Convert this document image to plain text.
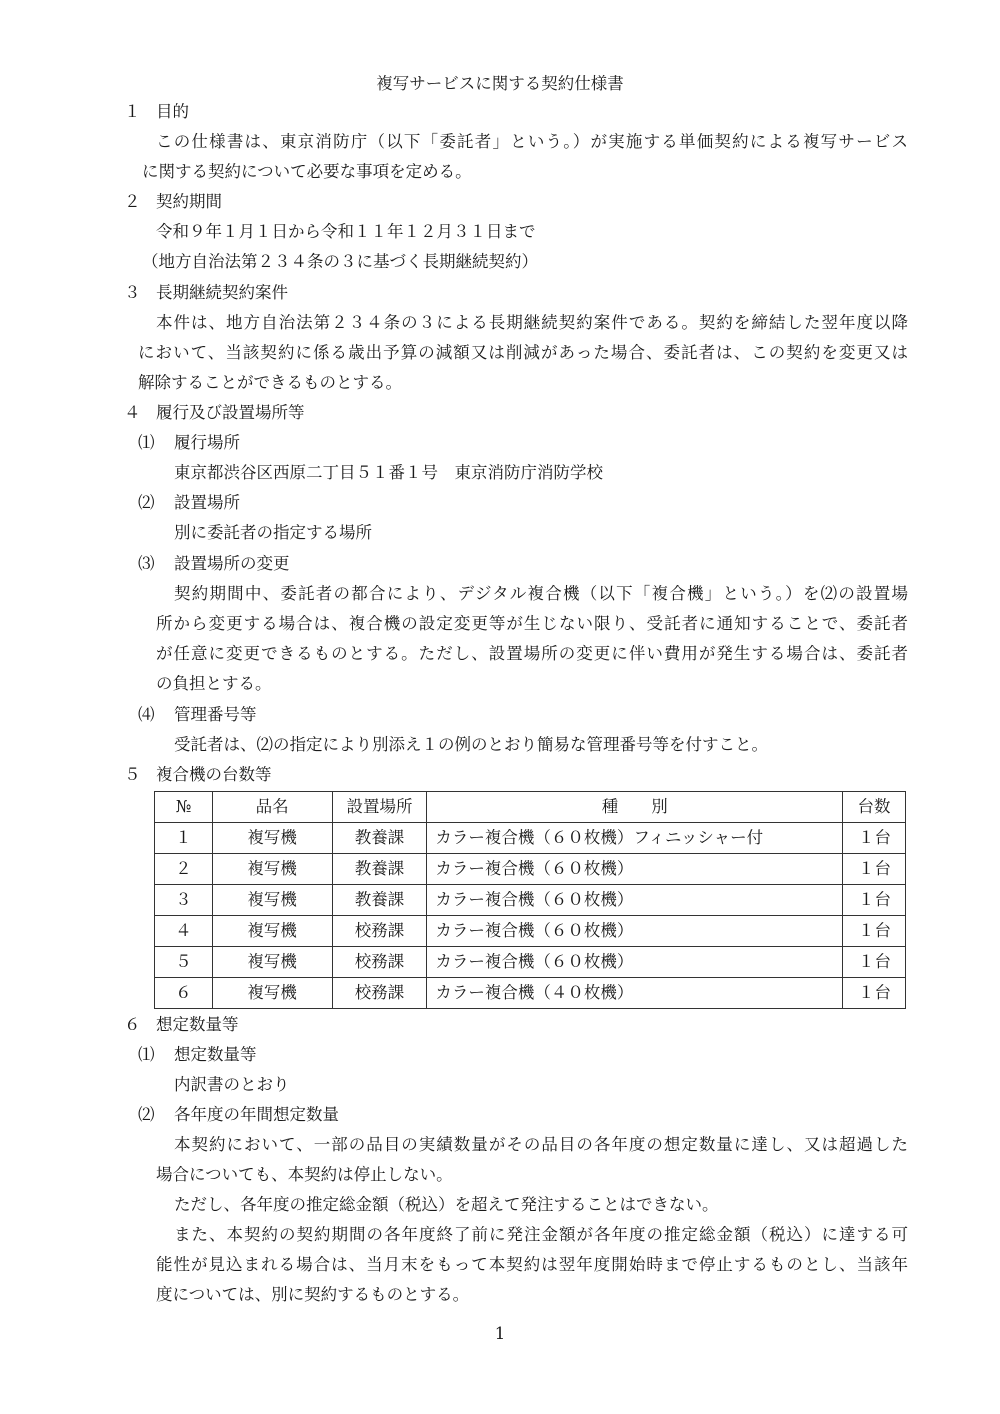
複写サービスに関する契約仕様書
１ 目的
この仕様書は、東京消防庁（以下「委託者」という。）が実施する単価契約による複写サービス
に関する契約について必要な事項を定める。
２ 契約期間
令和９年１月１日から令和１１年１２月３１日まで
（地方自治法第２３４条の３に基づく長期継続契約）
３ 長期継続契約案件
本件は、地方自治法第２３４条の３による長期継続契約案件である。契約を締結した翌年度以降
において、当該契約に係る歳出予算の減額又は削減があった場合、委託者は、この契約を変更又は
解除することができるものとする。
４ 履行及び設置場所等
⑴ 履行場所
東京都渋谷区西原二丁目５１番１号　東京消防庁消防学校
⑵ 設置場所
別に委託者の指定する場所
⑶ 設置場所の変更
契約期間中、委託者の都合により、デジタル複合機（以下「複合機」という。）を⑵の設置場
所から変更する場合は、複合機の設定変更等が生じない限り、受託者に通知することで、委託者
が任意に変更できるものとする。ただし、設置場所の変更に伴い費用が発生する場合は、委託者
の負担とする。
⑷ 管理番号等
受託者は、⑵の指定により別添え１の例のとおり簡易な管理番号等を付すこと。
５ 複合機の台数等
№	品名	設置場所	種　　別	台数
１	複写機	教養課	カラー複合機（６０枚機）フィニッシャー付	１台
２	複写機	教養課	カラー複合機（６０枚機）	１台
３	複写機	教養課	カラー複合機（６０枚機）	１台
４	複写機	校務課	カラー複合機（６０枚機）	１台
５	複写機	校務課	カラー複合機（６０枚機）	１台
６	複写機	校務課	カラー複合機（４０枚機）	１台
６ 想定数量等
⑴ 想定数量等
内訳書のとおり
⑵ 各年度の年間想定数量
本契約において、一部の品目の実績数量がその品目の各年度の想定数量に達し、又は超過した
場合についても、本契約は停止しない。
ただし、各年度の推定総金額（税込）を超えて発注することはできない。
また、本契約の契約期間の各年度終了前に発注金額が各年度の推定総金額（税込）に達する可
能性が見込まれる場合は、当月末をもって本契約は翌年度開始時まで停止するものとし、当該年
度については、別に契約するものとする。
1
